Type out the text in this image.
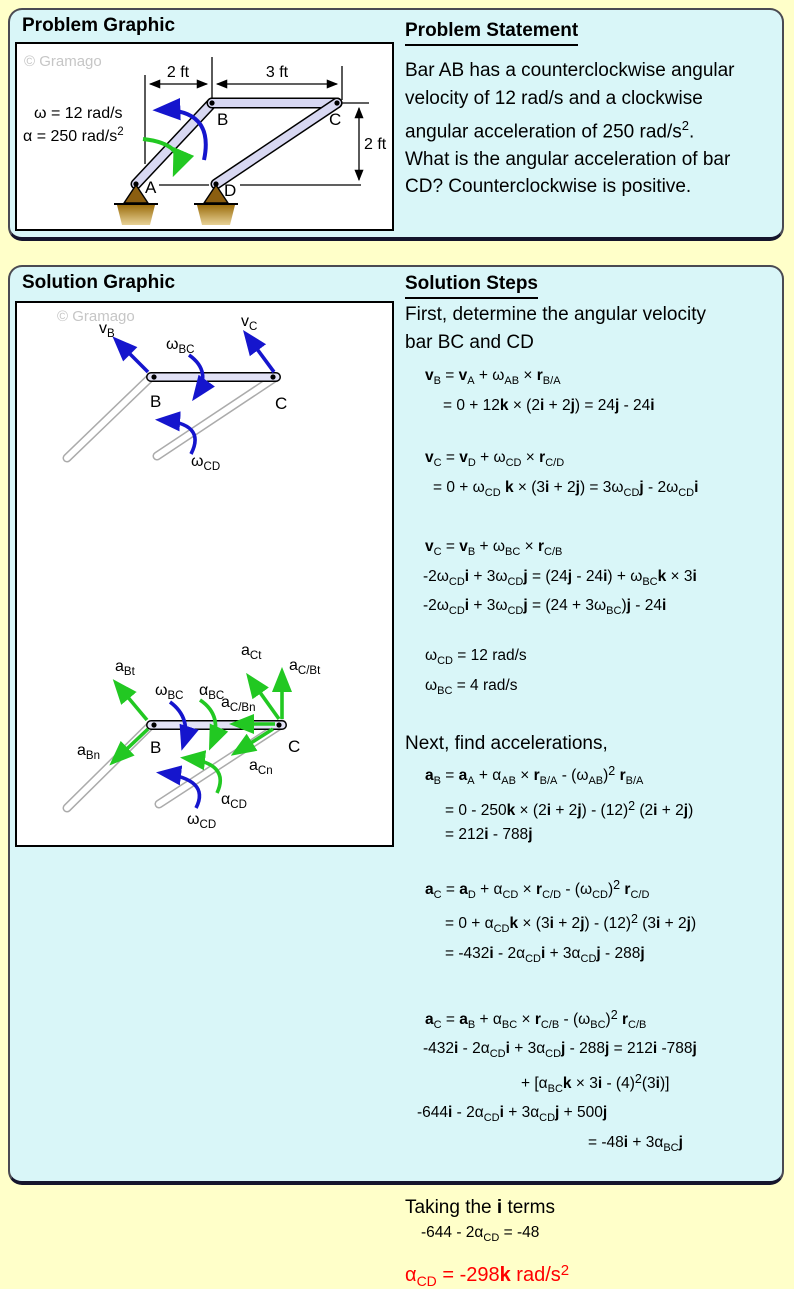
Problem Graphic
© Gramago
2 ft	3 ft
2 ft
ω = 12 rad/s
α = 250 rad/$s^2$
A
B	C
D
Problem Statement
Bar AB has a counterclockwise angular
velocity of 12 rad/s and a clockwise
angular acceleration of 250 rad/$s^2$.
What is the angular acceleration of bar
CD? Counterclockwise is positive.
Solution Graphic
© Gramago
$v_B$
$v_C$
$\omega_{BC}$
$\omega_{CD}$
B	C
$a_{Bt}$
$a_{Bn}$
$a_{Ct}$
$a_{C/Bt}$
$a_{C/Bn}$
$a_{Cn}$
$\omega_{BC}$ $\alpha_{BC}$
$\alpha_{CD}$
$\omega_{CD}$
B	C
Solution Steps
First, determine the angular velocity
bar BC and CD
$v_B = v_A + \omega_{AB} \times r_{B/A}$
= 0 + 12k × (2i + 2j) = 24j - 24i
$v_C = v_D + \omega_{CD} \times r_{C/D}$
= $0 + \omega_{CD}$ $k \times (3i + 2j) = 3\omega_{CD}j - 2\omega_{CD}i$
$v_C = v_B + \omega_{BC} \times r_{C/B}$
$-2\omega_{CD}i + 3\omega_{CD}j = (24j - 24i) + \omega_{BC}k \times 3i$
$-2\omega_{CD}i + 3\omega_{CD}j = (24 + 3\omega_{BC})j - 24i$
$\omega_{CD} = 12$ rad/s
$\omega_{BC} = 4$ rad/s
Next, find accelerations,
$a_B = a_A + \alpha_{AB} \times r_{B/A} - (\omega_{AB})^2$ $r_{B/A}$
= $0 - 250k \times (2i + 2j) - (12)^2$ (2i + 2j)
= 212i - 788j
$a_C = a_D + \alpha_{CD} \times r_{C/D} - (\omega_{CD})^2$ $r_{C/D}$
= $0 + \alpha_{CD}k \times (3i + 2j) - (12)^2$ (3i + 2j)
= $-432i - 2\alpha_{CD}i + 3\alpha_{CD}j - 288j$
$a_C = a_B + \alpha_{BC} \times r_{C/B} - (\omega_{BC})^2$ $r_{C/B}$
$-432i - 2\alpha_{CD}i + 3\alpha_{CD}j - 288j = 212i$ -788j
+ $[\alpha_{BC}k \times 3i - (4)^2(3i)]$
$-644i - 2\alpha_{CD}i + 3\alpha_{CD}j + 500j$
= $-48i + 3\alpha_{BC}j$
Taking the i terms
$-644 - 2\alpha_{CD} = -48$
$\alpha_{CD} = -298k$ rad/$s^2$
